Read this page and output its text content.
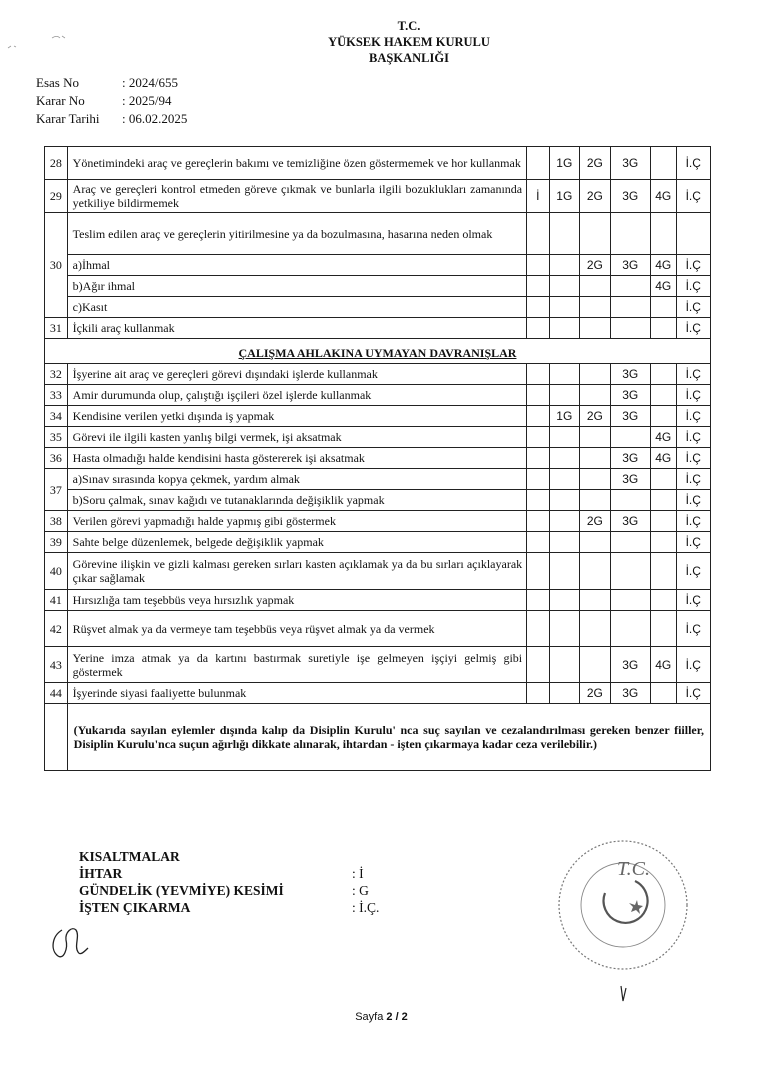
T.C.
YÜKSEK HAKEM KURULU
BAŞKANLIĞI
Esas No	: 2024/655
Karar No	: 2025/94
Karar Tarihi	: 06.02.2025
28	Yönetimindeki araç ve gereçlerin bakımı ve temizliğine özen göstermemek ve hor kullanmak		1G	2G	3G		İ.Ç
29	Araç ve gereçleri kontrol etmeden göreve çıkmak ve bunlarla ilgili bozuklukları zamanında yetkiliye bildirmemek	İ	1G	2G	3G	4G	İ.Ç
30	Teslim edilen araç ve gereçlerin yitirilmesine ya da bozulmasına, hasarına neden olmak						
	a)İhmal			2G	3G	4G	İ.Ç
	b)Ağır ihmal					4G	İ.Ç
	c)Kasıt						İ.Ç
31	İçkili araç kullanmak						İ.Ç
ÇALIŞMA AHLAKINA UYMAYAN DAVRANIŞLAR							
32	İşyerine ait araç ve gereçleri görevi dışındaki işlerde kullanmak				3G		İ.Ç
33	Amir durumunda olup, çalıştığı işçileri özel işlerde kullanmak				3G		İ.Ç
34	Kendisine verilen yetki dışında iş yapmak		1G	2G	3G		İ.Ç
35	Görevi ile ilgili kasten yanlış bilgi vermek, işi aksatmak					4G	İ.Ç
36	Hasta olmadığı halde kendisini hasta göstererek işi aksatmak				3G	4G	İ.Ç
37	a)Sınav sırasında kopya çekmek, yardım almak				3G		İ.Ç
	b)Soru çalmak, sınav kağıdı ve tutanaklarında değişiklik yapmak						İ.Ç
38	Verilen görevi yapmadığı halde yapmış gibi göstermek			2G	3G		İ.Ç
39	Sahte belge düzenlemek, belgede değişiklik yapmak						İ.Ç
40	Görevine ilişkin ve gizli kalması gereken sırları kasten açıklamak ya da bu sırları açıklayarak çıkar sağlamak						İ.Ç
41	Hırsızlığa tam teşebbüs veya hırsızlık yapmak						İ.Ç
42	Rüşvet almak ya da vermeye tam teşebbüs veya rüşvet almak ya da vermek						İ.Ç
43	Yerine imza atmak ya da kartını bastırmak suretiyle işe gelmeyen işçiyi gelmiş gibi göstermek				3G	4G	İ.Ç
44	İşyerinde siyasi faaliyette bulunmak			2G	3G		İ.Ç
	(Yukarıda sayılan eylemler dışında kalıp da Disiplin Kurulu' nca suç sayılan ve cezalandırılması gereken benzer fiiller, Disiplin Kurulu'nca suçun ağırlığı dikkate alınarak, ihtardan - işten çıkarmaya kadar ceza verilebilir.)						
KISALTMALAR
İHTAR	: İ
GÜNDELİK (YEVMİYE) KESİMİ	: G
İŞTEN ÇIKARMA	: İ.Ç.
T.C.
Sayfa 2 / 2
